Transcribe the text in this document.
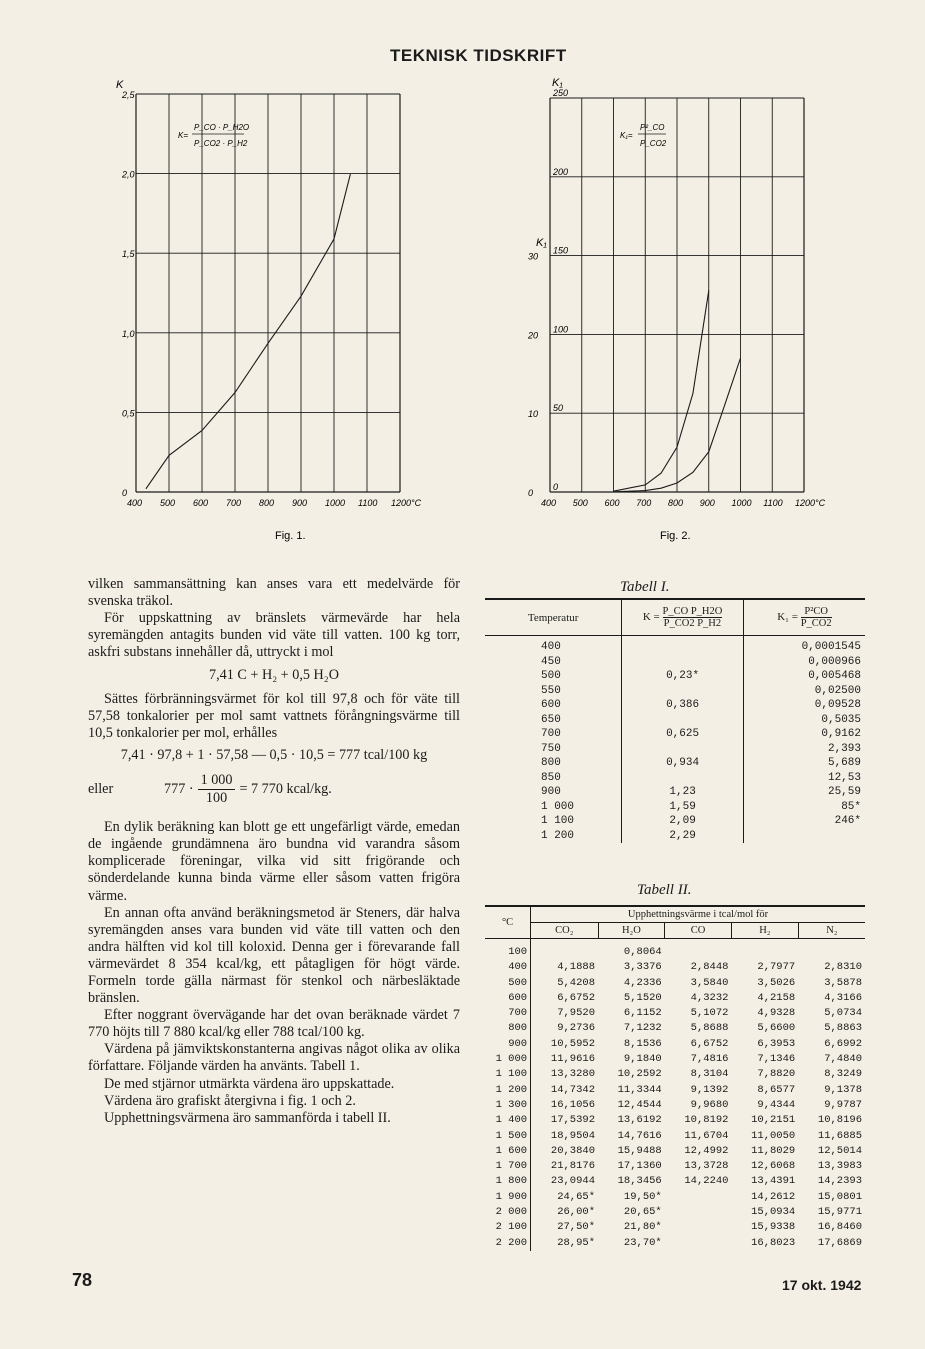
TEKNISK TIDSKRIFT
0
0,5
1,0
1,5
2,0
2,5
400 500 600 700 800 900 1000 1100 1200°C
K
K=
P_CO · P_H2O
P_CO2 · P_H2
Fig. 1.
0
50
100
150
200
250
0
10
20
30
400 500 600 700 800 900 1000 1100 1200°C
K₁
K₁
K₁=
P²_CO
P_CO2
Fig. 2.

vilken sammansättning kan anses vara ett medelvärde för svenska träkol.

För uppskattning av bränslets värmevärde har hela syremängden antagits bunden vid väte till vatten. 100 kg torr, askfri substans innehåller då, uttryckt i mol

7,41 C + H₂ + 0,5 H₂O

Sättes förbränningsvärmet för kol till 97,8 och för väte till 57,58 tonkalorier per mol samt vattnets förångningsvärme till 10,5 tonkalorier per mol, erhålles

7,41 · 97,8 + 1 · 57,58 — 0,5 · 10,5 = 777 tcal/100 kg

eller	$777 \cdot \frac{1 000}{100} = 7$ 770 kcal/kg.

En dylik beräkning kan blott ge ett ungefärligt värde, emedan de ingående grundämnena äro bundna vid varandra såsom komplicerade föreningar, vilka vid sitt frigörande och sönderdelande kunna binda värme eller såsom vatten frigöra värme.

En annan ofta använd beräkningsmetod är Steners, där halva syremängden anses vara bunden vid väte till vatten och den andra hälften vid kol till koloxid. Denna ger i förevarande fall värmevärdet 8 354 kcal/kg, ett påtagligen för högt värde. Formeln torde gälla närmast för stenkol och närbesläktade bränslen.

Efter noggrant övervägande har det ovan beräknade värdet 7 770 höjts till 7 880 kcal/kg eller 788 tcal/100 kg.

Värdena på jämviktskonstanterna angivas något olika av olika författare. Följande värden ha använts. Tabell 1.

De med stjärnor utmärkta värdena äro uppskattade.

Värdena äro grafiskt återgivna i fig. 1 och 2.

Upphettningsvärmena äro sammanförda i tabell II.

Tabell I.
Temperatur	$K = \frac{\text{P\_CO P\_H2O}}{P\_CO2 P\_H2}$	$K_1 = \frac{\text{P²CO}}{P\_CO2}$
400		0,0001545
450		0,000966
500	0,23*	0,005468
550		0,02500
600	0,386	0,09528
650		0,5035
700	0,625	0,9162
750		2,393
800	0,934	5,689
850		12,53
900	1,23	25,59
1 000	1,59	85*
1 100	2,09	246*
1 200	2,29	
Tabell II.
°C	Upphettningsvärme i tcal/mol för				
	CO₂	H₂O	CO	H₂	N₂
100		0,8064			
400	4,1888	3,3376	2,8448	2,7977	2,8310
500	5,4208	4,2336	3,5840	3,5026	3,5878
600	6,6752	5,1520	4,3232	4,2158	4,3166
700	7,9520	6,1152	5,1072	4,9328	5,0734
800	9,2736	7,1232	5,8688	5,6600	5,8863
900	10,5952	8,1536	6,6752	6,3953	6,6992
1 000	11,9616	9,1840	7,4816	7,1346	7,4840
1 100	13,3280	10,2592	8,3104	7,8820	8,3249
1 200	14,7342	11,3344	9,1392	8,6577	9,1378
1 300	16,1056	12,4544	9,9680	9,4344	9,9787
1 400	17,5392	13,6192	10,8192	10,2151	10,8196
1 500	18,9504	14,7616	11,6704	11,0050	11,6885
1 600	20,3840	15,9488	12,4992	11,8029	12,5014
1 700	21,8176	17,1360	13,3728	12,6068	13,3983
1 800	23,0944	18,3456	14,2240	13,4391	14,2393
1 900	24,65*	19,50*		14,2612	15,0801
2 000	26,00*	20,65*		15,0934	15,9771
2 100	27,50*	21,80*		15,9338	16,8460
2 200	28,95*	23,70*		16,8023	17,6869
78	17 okt. 1942
